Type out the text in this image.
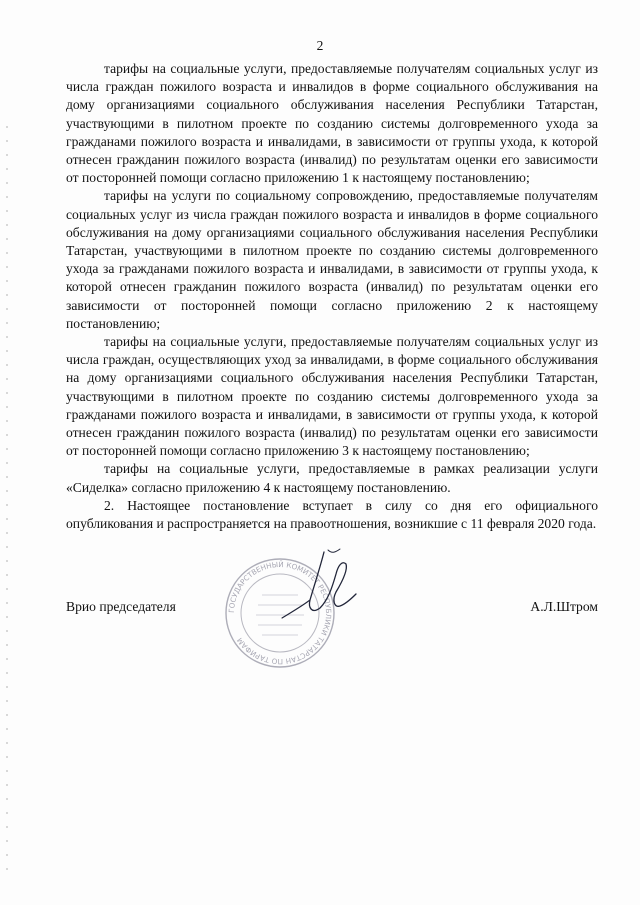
2

тарифы на социальные услуги, предоставляемые получателям социальных услуг из числа граждан пожилого возраста и инвалидов в форме социального обслуживания на дому организациями социального обслуживания населения Республики Татарстан, участвующими в пилотном проекте по созданию системы долговременного ухода за гражданами пожилого возраста и инвалидами, в зависимости от группы ухода, к которой отнесен гражданин пожилого возраста (инвалид) по результатам оценки его зависимости от посторонней помощи согласно приложению 1 к настоящему постановлению;

тарифы на услуги по социальному сопровождению, предоставляемые получателям социальных услуг из числа граждан пожилого возраста и инвалидов в форме социального обслуживания на дому организациями социального обслуживания населения Республики Татарстан, участвующими в пилотном проекте по созданию системы долговременного ухода за гражданами пожилого возраста и инвалидами, в зависимости от группы ухода, к которой отнесен гражданин пожилого возраста (инвалид) по результатам оценки его зависимости от посторонней помощи согласно приложению 2 к настоящему постановлению;

тарифы на социальные услуги, предоставляемые получателям социальных услуг из числа граждан, осуществляющих уход за инвалидами, в форме социального обслуживания на дому организациями социального обслуживания населения Республики Татарстан, участвующими в пилотном проекте по созданию системы долговременного ухода за гражданами пожилого возраста и инвалидами, в зависимости от группы ухода, к которой отнесен гражданин пожилого возраста (инвалид) по результатам оценки его зависимости от посторонней помощи согласно приложению 3 к настоящему постановлению;

тарифы на социальные услуги, предоставляемые в рамках реализации услуги «Сиделка» согласно приложению 4 к настоящему постановлению.

2. Настоящее постановление вступает в силу со дня его официального опубликования и распространяется на правоотношения, возникшие с 11 февраля 2020 года.

ГОСУДАРСТВЕННЫЙ КОМИТЕТ РЕСПУБЛИКИ ТАТАРСТАН ПО ТАРИФАМ
Врио председателя	А.Л.Штром
